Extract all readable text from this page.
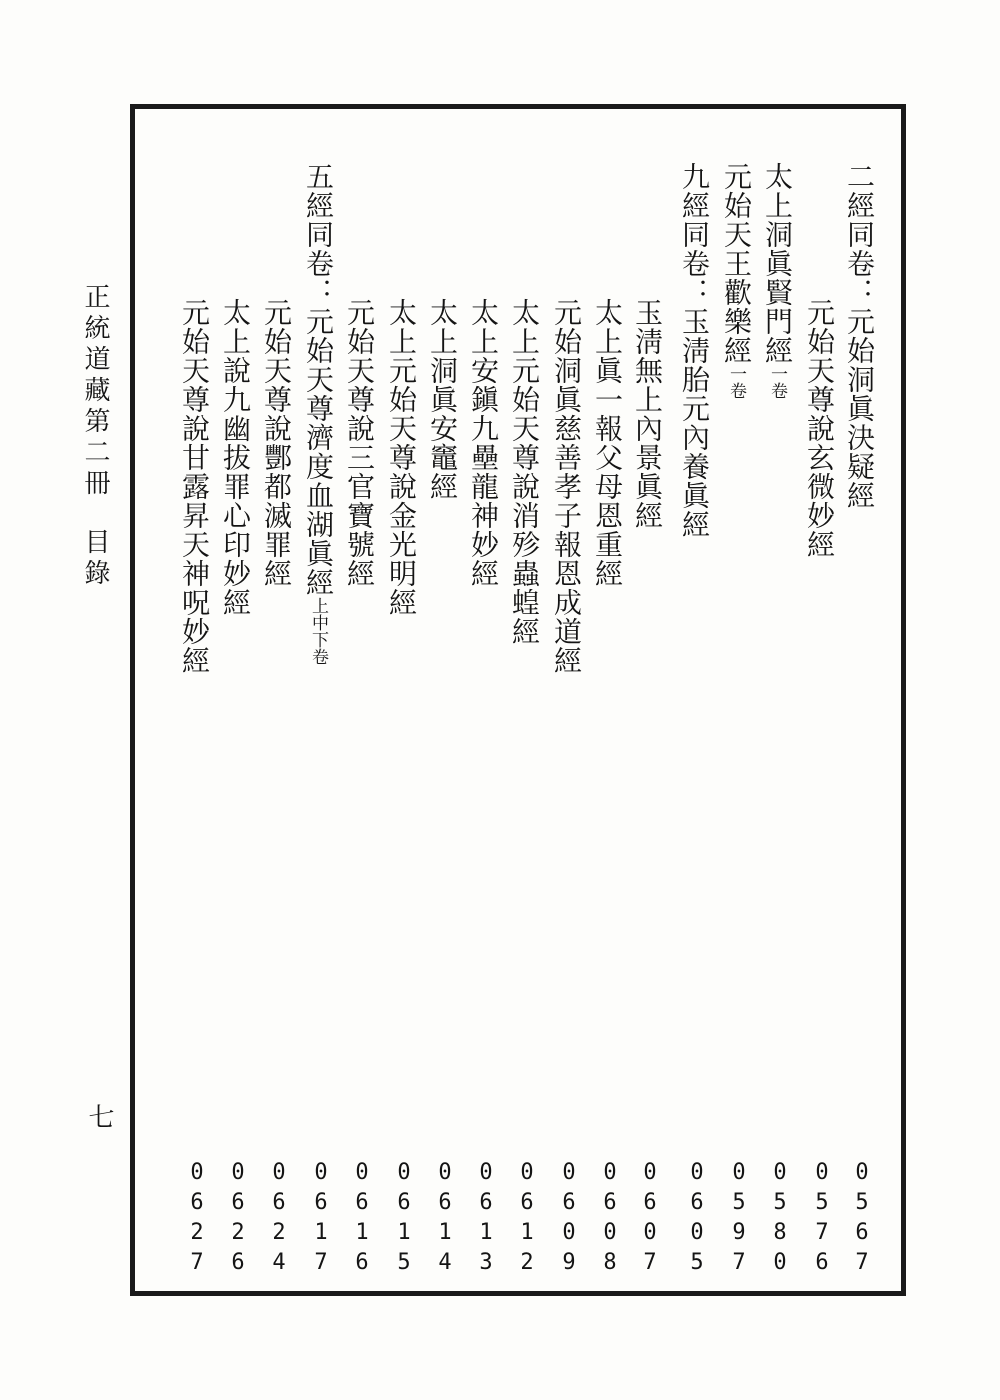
正統道藏第二冊目錄
七
二經同卷：元始洞眞決疑經
0
5
6
7
元始天尊說玄微妙經
0
5
7
6
太上洞眞賢門經一卷
0
5
8
0
元始天王歡樂經一卷
0
5
9
7
九經同卷：玉淸胎元內養眞經
0
6
0
5
玉淸無上內景眞經
0
6
0
7
太上眞一報父母恩重經
0
6
0
8
元始洞眞慈善孝子報恩成道經
0
6
0
9
太上元始天尊說消殄蟲蝗經
0
6
1
2
太上安鎭九壘龍神妙經
0
6
1
3
太上洞眞安竈經
0
6
1
4
太上元始天尊說金光明經
0
6
1
5
元始天尊說三官寶號經
0
6
1
6
五經同卷：元始天尊濟度血湖眞經上中下卷
0
6
1
7
元始天尊說酆都滅罪經
0
6
2
4
太上說九幽拔罪心印妙經
0
6
2
6
元始天尊說甘露昇天神呪妙經
0
6
2
7
